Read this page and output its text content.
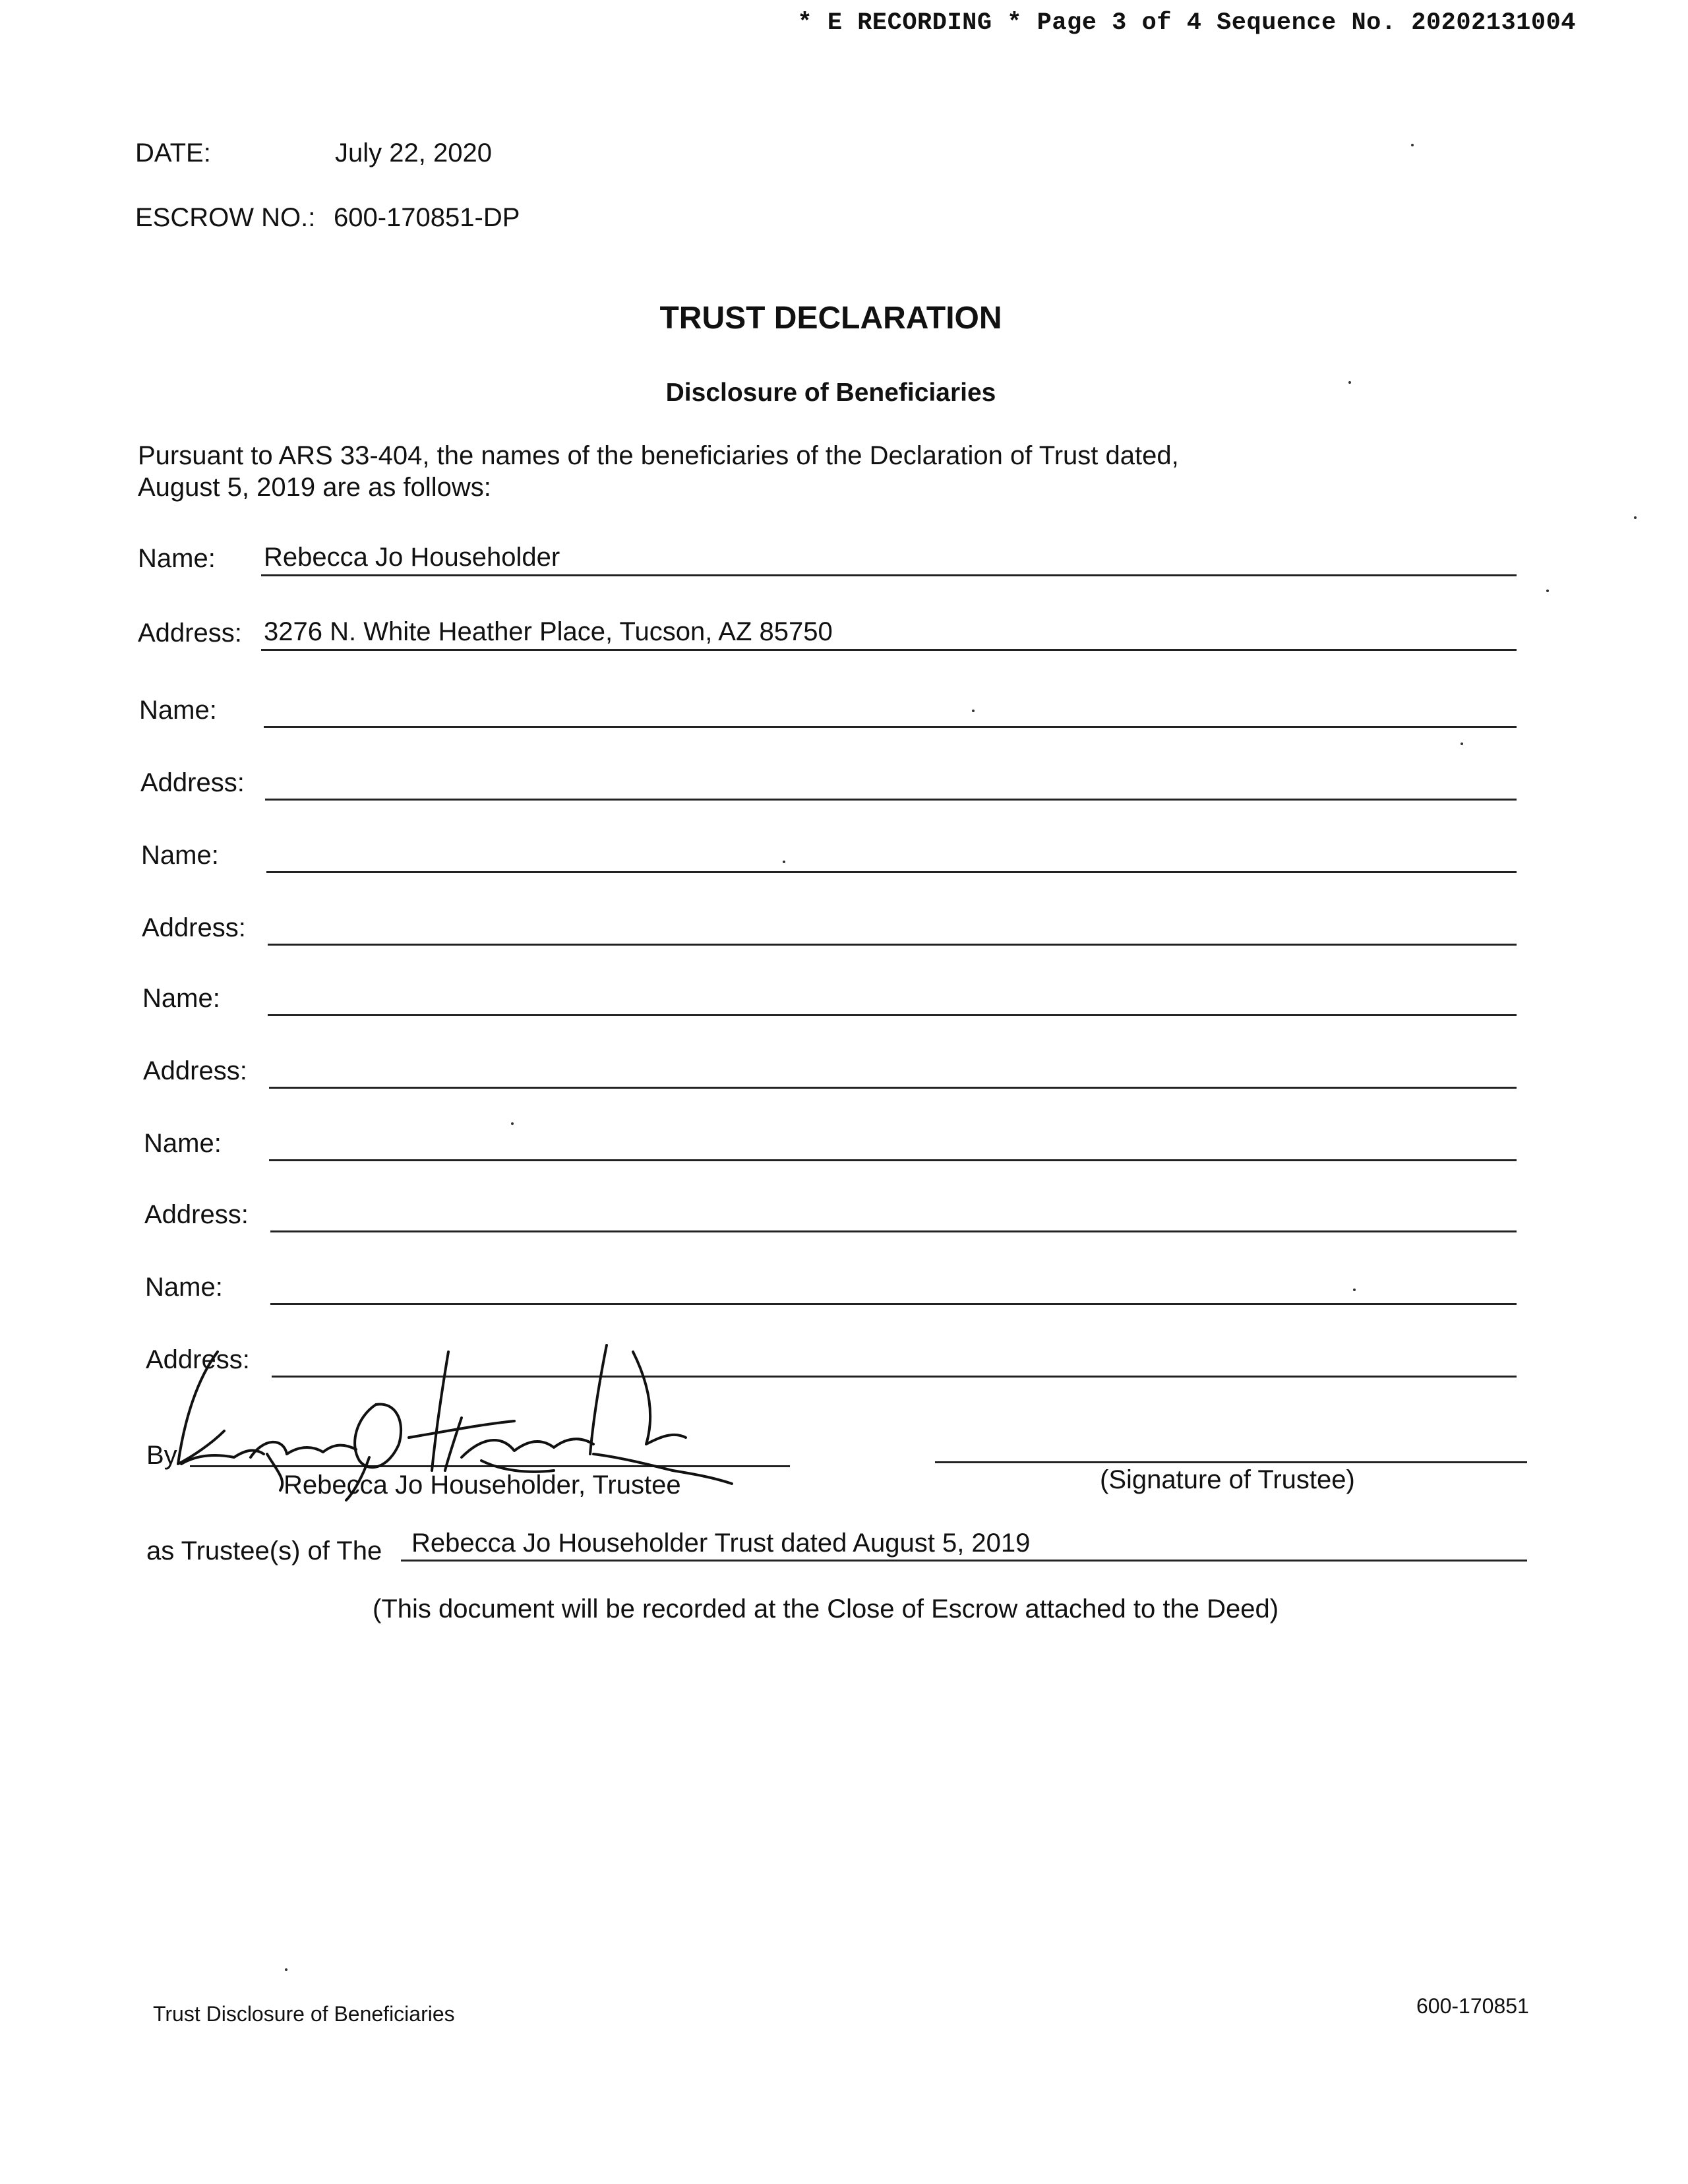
* E RECORDING * Page 3 of 4 Sequence No. 20202131004
DATE:	July 22, 2020
ESCROW NO.: 600-170851-DP
TRUST DECLARATION
Disclosure of Beneficiaries
Pursuant to ARS 33-404, the names of the beneficiaries of the Declaration of Trust dated,
August 5, 2019 are as follows:
Name: Rebecca Jo Householder
Address: 3276 N. White Heather Place, Tucson, AZ 85750
Name:
Address:
Name:
Address:
Name:
Address:
Name:
Address:
Name:
Address:
By
Rebecca Jo Householder, Trustee	(Signature of Trustee)
as Trustee(s) of The Rebecca Jo Householder Trust dated August 5, 2019
(This document will be recorded at the Close of Escrow attached to the Deed)
Trust Disclosure of Beneficiaries	600-170851
